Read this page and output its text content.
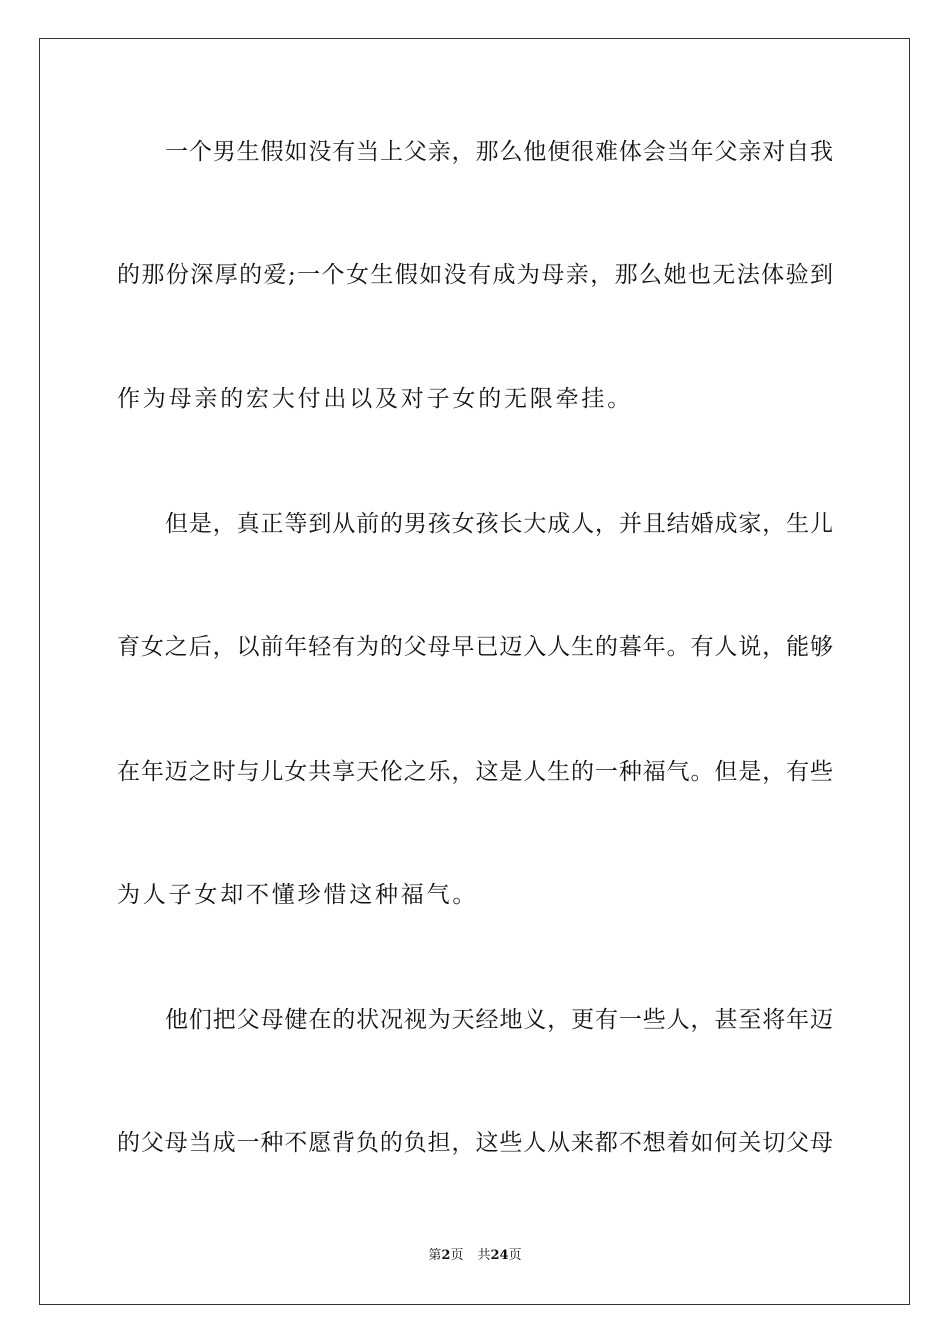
一个男生假如没有当上父亲，那么他便很难体会当年父亲对自我
的那份深厚的爱;一个女生假如没有成为母亲，那么她也无法体验到
作为母亲的宏大付出以及对子女的无限牵挂。
但是，真正等到从前的男孩女孩长大成人，并且结婚成家，生儿
育女之后，以前年轻有为的父母早已迈入人生的暮年。有人说，能够
在年迈之时与儿女共享天伦之乐，这是人生的一种福气。但是，有些
为人子女却不懂珍惜这种福气。
他们把父母健在的状况视为天经地义，更有一些人，甚至将年迈
的父母当成一种不愿背负的负担，这些人从来都不想着如何关切父母
第2页 共24页
